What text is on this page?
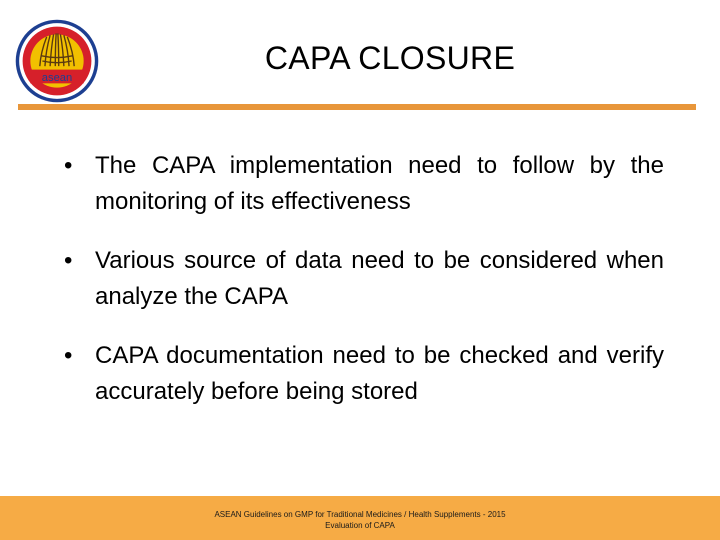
asean
CAPA CLOSURE
• The CAPA implementation need to follow by the monitoring of its effectiveness
• Various source of data need to be considered when analyze the CAPA
• CAPA documentation need to be checked and verify accurately before being stored
ASEAN Guidelines on GMP for Traditional Medicines / Health Supplements - 2015
Evaluation of CAPA
